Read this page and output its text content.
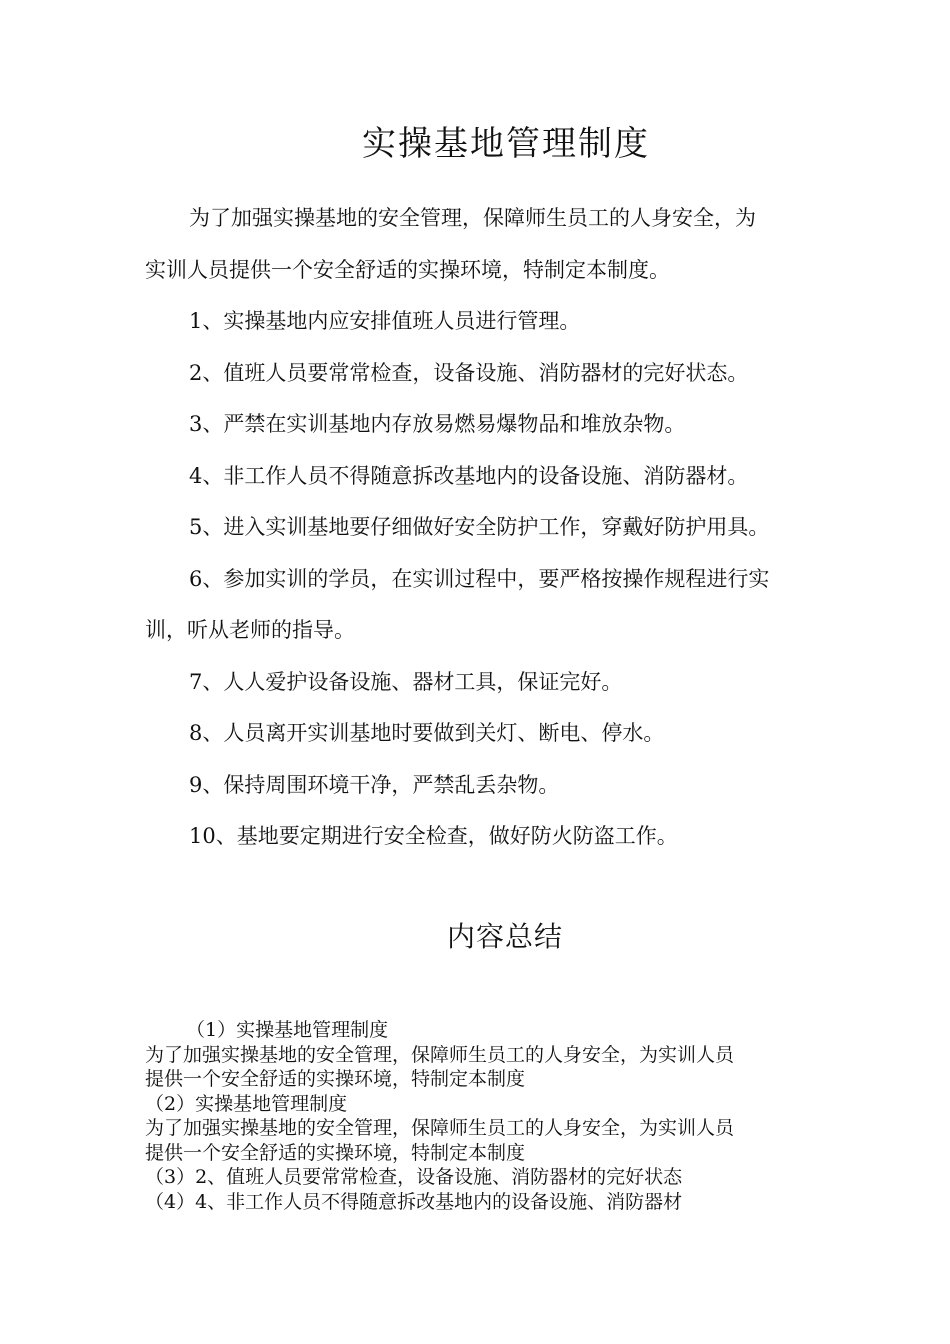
实操基地管理制度

为了加强实操基地的安全管理，保障师生员工的人身安全，为

实训人员提供一个安全舒适的实操环境，特制定本制度。

1、实操基地内应安排值班人员进行管理。

2、值班人员要常常检查，设备设施、消防器材的完好状态。

3、严禁在实训基地内存放易燃易爆物品和堆放杂物。

4、非工作人员不得随意拆改基地内的设备设施、消防器材。

5、进入实训基地要仔细做好安全防护工作，穿戴好防护用具。

6、参加实训的学员，在实训过程中，要严格按操作规程进行实

训，听从老师的指导。

7、人人爱护设备设施、器材工具，保证完好。

8、人员离开实训基地时要做到关灯、断电、停水。

9、保持周围环境干净，严禁乱丢杂物。

10、基地要定期进行安全检查，做好防火防盗工作。

内容总结

（1）实操基地管理制度

为了加强实操基地的安全管理，保障师生员工的人身安全，为实训人员

提供一个安全舒适的实操环境，特制定本制度

（2）实操基地管理制度

为了加强实操基地的安全管理，保障师生员工的人身安全，为实训人员

提供一个安全舒适的实操环境，特制定本制度

（3）2、值班人员要常常检查，设备设施、消防器材的完好状态

（4）4、非工作人员不得随意拆改基地内的设备设施、消防器材
